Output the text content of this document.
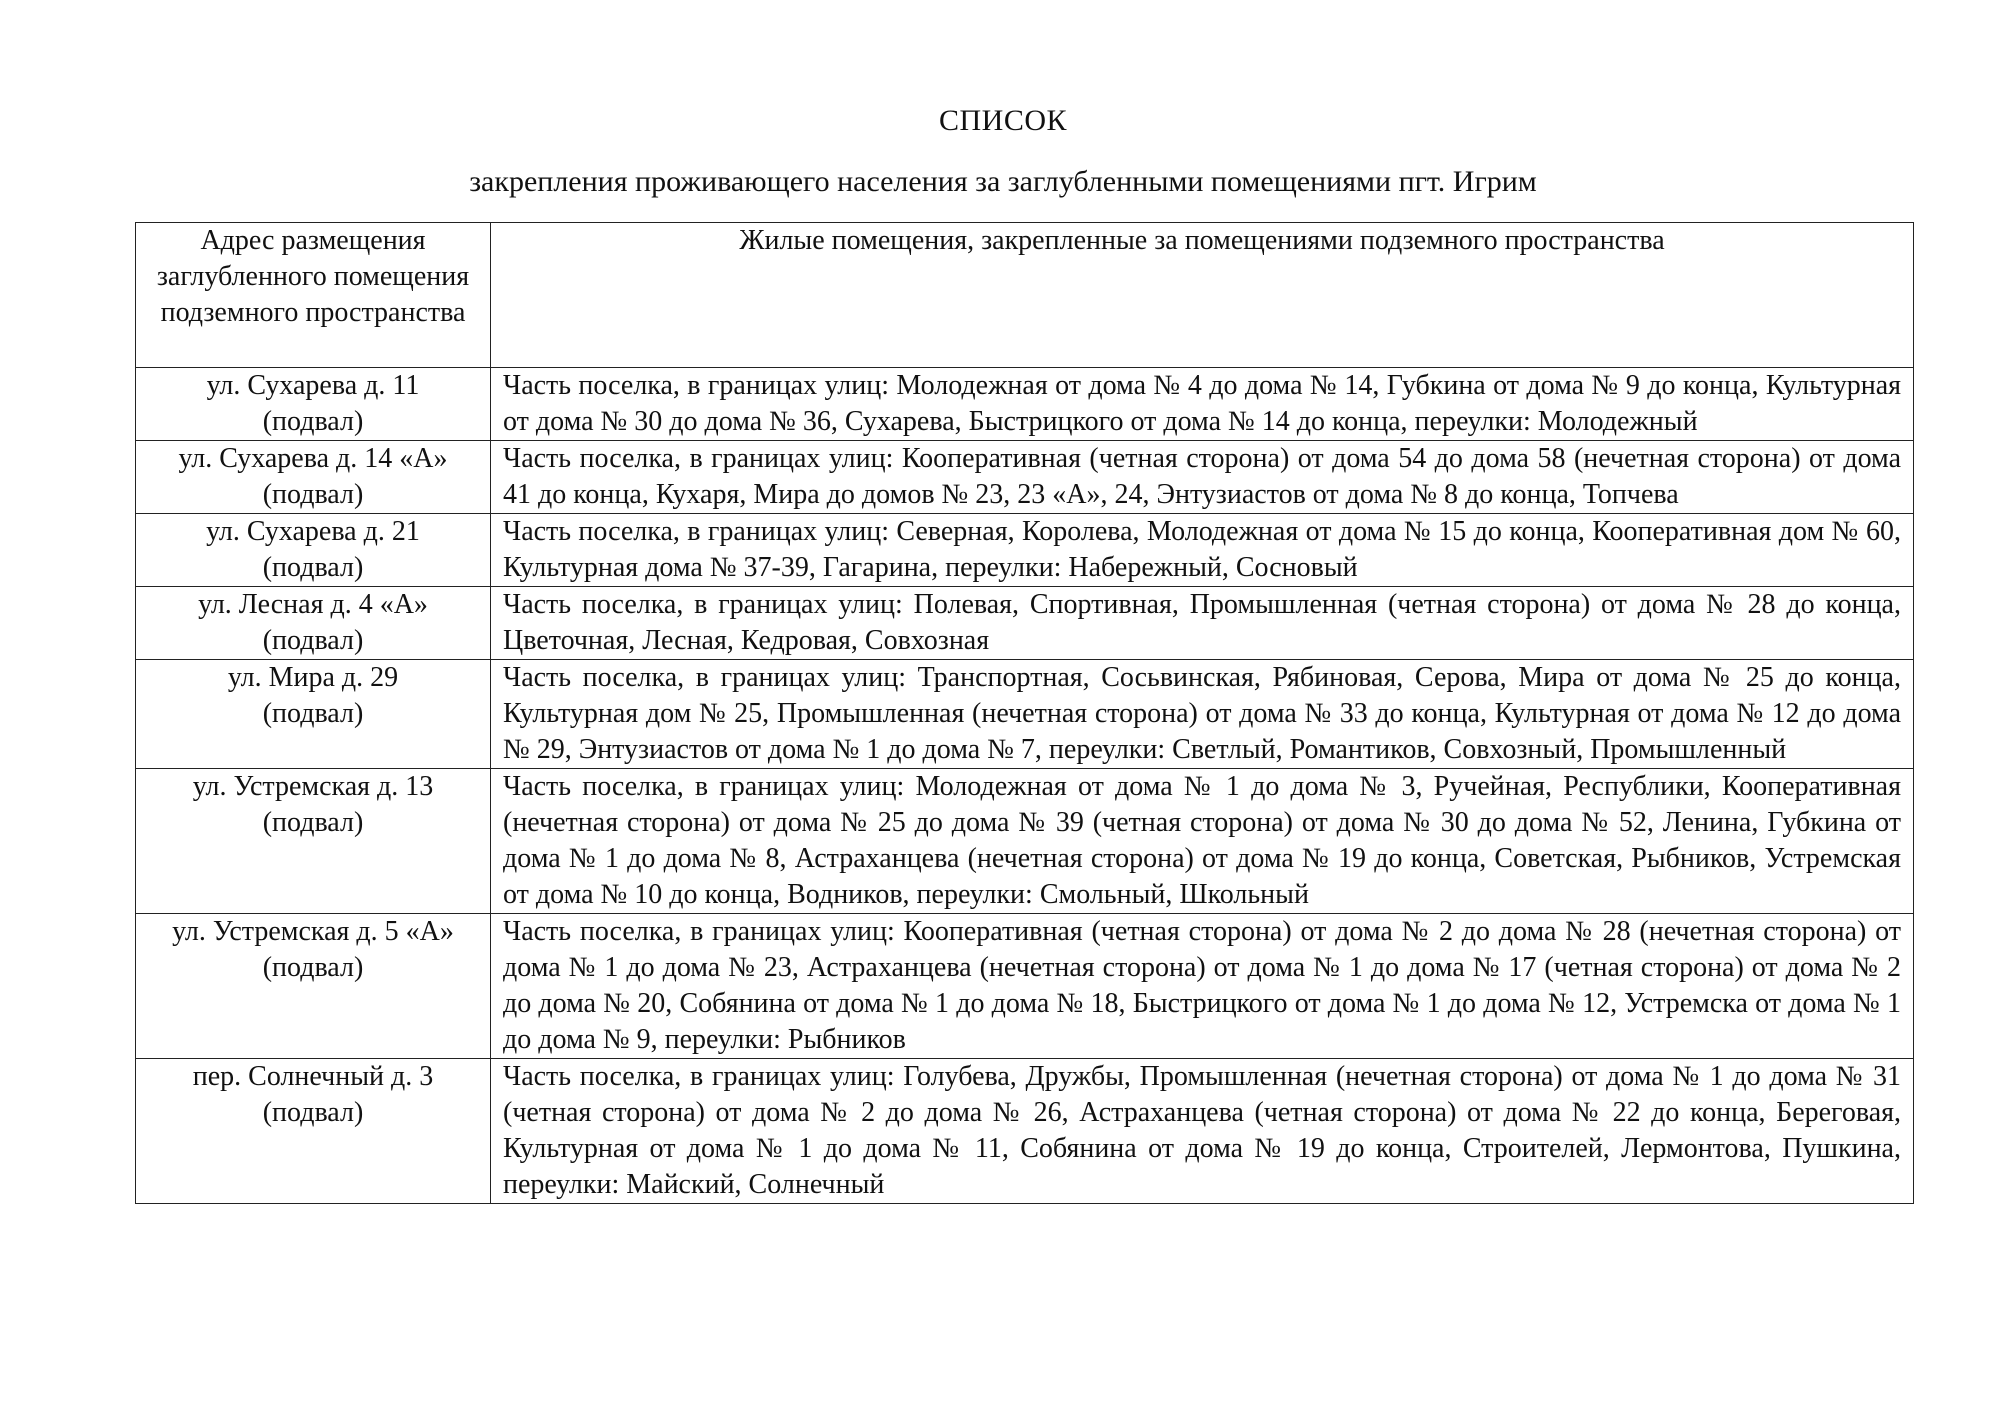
СПИСОК
закрепления проживающего населения за заглубленными помещениями пгт. Игрим
Адрес размещения заглубленного помещения подземного пространства	Жилые помещения, закрепленные за помещениями подземного пространства

ул. Сухарева д. 11
(подвал)	Часть поселка, в границах улиц: Молодежная от дома № 4 до дома № 14, Губкина от дома № 9 до конца, Культурная от дома № 30 до дома № 36, Сухарева, Быстрицкого от дома № 14 до конца, переулки: Молодежный

ул. Сухарева д. 14 «А»
(подвал)	Часть поселка, в границах улиц: Кооперативная (четная сторона) от дома 54 до дома 58 (нечетная сторона) от дома 41 до конца, Кухаря, Мира до домов № 23, 23 «А», 24, Энтузиастов от дома № 8 до конца, Топчева

ул. Сухарева д. 21
(подвал)	Часть поселка, в границах улиц: Северная, Королева, Молодежная от дома № 15 до конца, Кооперативная дом № 60, Культурная дома № 37-39, Гагарина, переулки: Набережный, Сосновый

ул. Лесная д. 4 «А»
(подвал)	Часть поселка, в границах улиц: Полевая, Спортивная, Промышленная (четная сторона) от дома № 28 до конца, Цветочная, Лесная, Кедровая, Совхозная

ул. Мира д. 29
(подвал)	Часть поселка, в границах улиц: Транспортная, Сосьвинская, Рябиновая, Серова, Мира от дома № 25 до конца, Культурная дом № 25, Промышленная (нечетная сторона) от дома № 33 до конца, Культурная от дома № 12 до дома № 29, Энтузиастов от дома № 1 до дома № 7, переулки: Светлый, Романтиков, Совхозный, Промышленный

ул. Устремская д. 13
(подвал)	Часть поселка, в границах улиц: Молодежная от дома № 1 до дома № 3, Ручейная, Республики, Кооперативная (нечетная сторона) от дома № 25 до дома № 39 (четная сторона) от дома № 30 до дома № 52, Ленина, Губкина от дома № 1 до дома № 8, Астраханцева (нечетная сторона) от дома № 19 до конца, Советская, Рыбников, Устремская от дома № 10 до конца, Водников, переулки: Смольный, Школьный

ул. Устремская д. 5 «А»
(подвал)	Часть поселка, в границах улиц: Кооперативная (четная сторона) от дома № 2 до дома № 28 (нечетная сторона) от дома № 1 до дома № 23, Астраханцева (нечетная сторона) от дома № 1 до дома № 17 (четная сторона) от дома № 2 до дома № 20, Собянина от дома № 1 до дома № 18, Быстрицкого от дома № 1 до дома № 12, Устремска от дома № 1 до дома № 9, переулки: Рыбников

пер. Солнечный д. 3
(подвал)	Часть поселка, в границах улиц: Голубева, Дружбы, Промышленная (нечетная сторона) от дома № 1 до дома № 31 (четная сторона) от дома № 2 до дома № 26, Астраханцева (четная сторона) от дома № 22 до конца, Береговая, Культурная от дома № 1 до дома № 11, Собянина от дома № 19 до конца, Строителей, Лермонтова, Пушкина, переулки: Майский, Солнечный
